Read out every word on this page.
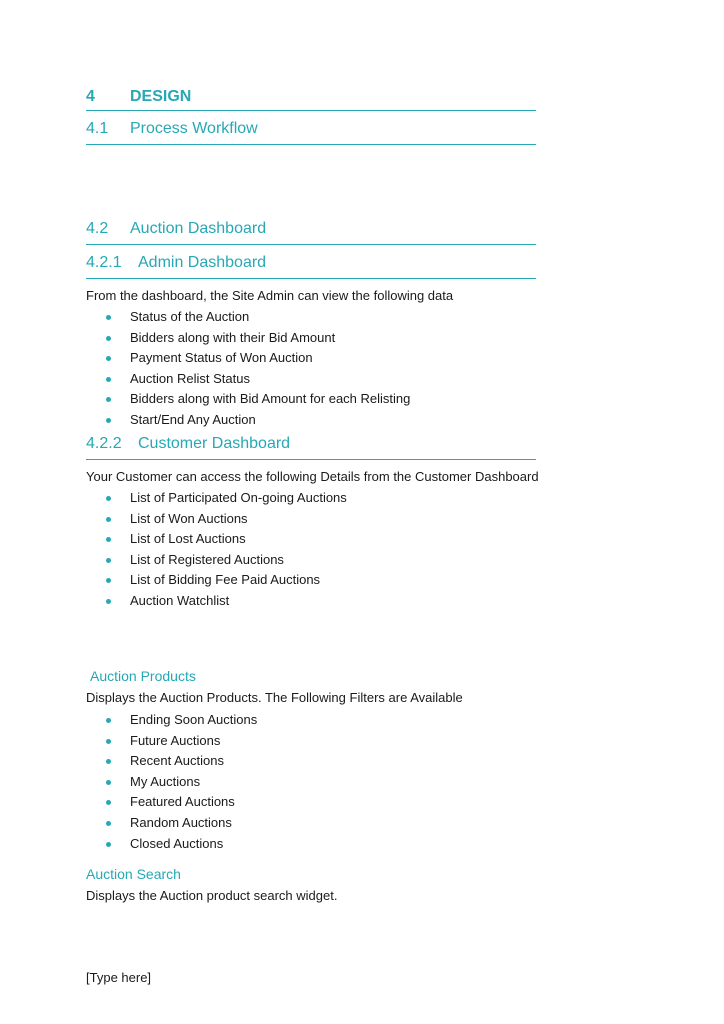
4 DESIGN
4.1 Process Workflow
4.2 Auction Dashboard
4.2.1 Admin Dashboard
From the dashboard, the Site Admin can view the following data
Status of the Auction
Bidders along with their Bid Amount
Payment Status of Won Auction
Auction Relist Status
Bidders along with Bid Amount for each Relisting
Start/End Any Auction
4.2.2 Customer Dashboard
Your Customer can access the following Details from the Customer Dashboard
List of Participated On-going Auctions
List of Won Auctions
List of Lost Auctions
List of Registered Auctions
List of Bidding Fee Paid Auctions
Auction Watchlist
Auction Products
Displays the Auction Products. The Following Filters are Available
Ending Soon Auctions
Future Auctions
Recent Auctions
My Auctions
Featured Auctions
Random Auctions
Closed Auctions
Auction Search
Displays the Auction product search widget.
[Type here]
